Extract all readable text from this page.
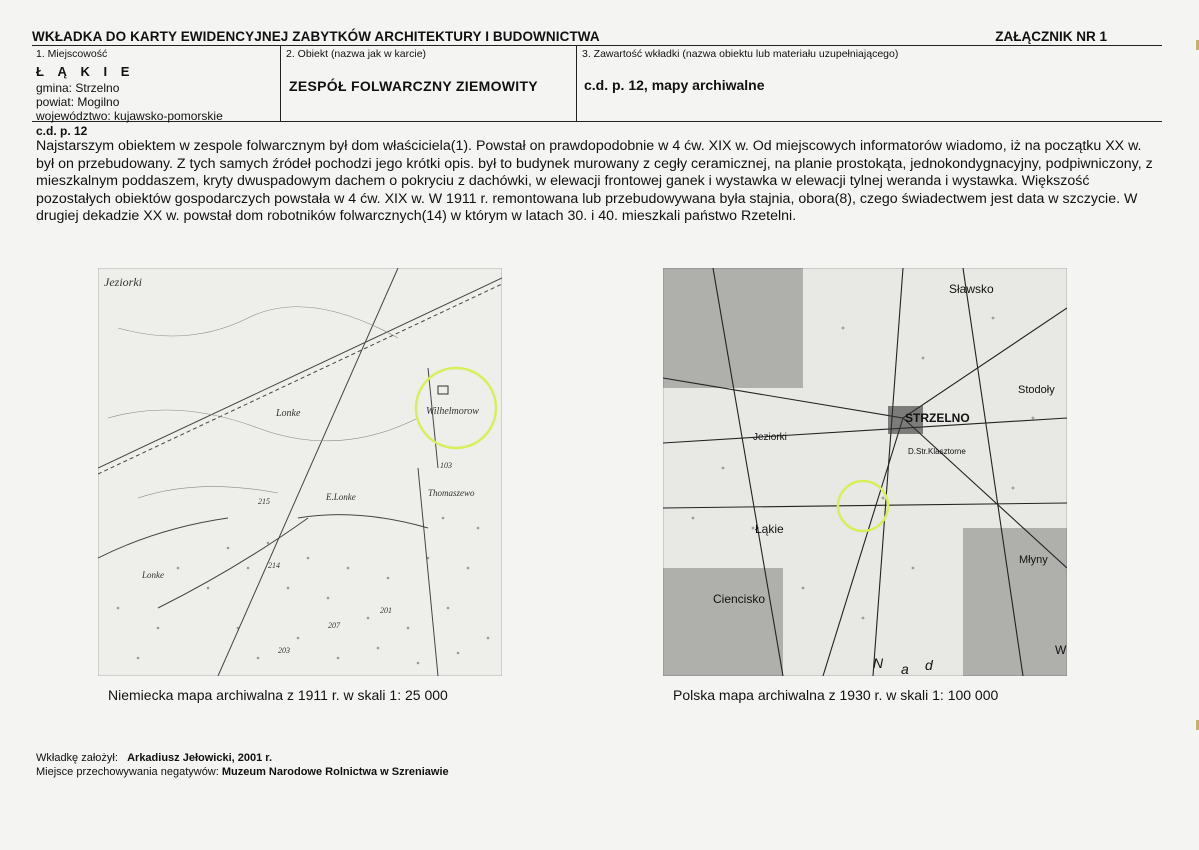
WKŁADKA DO KARTY EWIDENCYJNEJ ZABYTKÓW ARCHITEKTURY I BUDOWNICTWA	ZAŁĄCZNIK NR 1
1. Miejscowość
Ł Ą K I E
gmina: Strzelno
powiat: Mogilno
województwo: kujawsko-pomorskie
2. Obiekt (nazwa jak w karcie)
ZESPÓŁ FOLWARCZNY ZIEMOWITY
3. Zawartość wkładki (nazwa obiektu lub materiału uzupełniającego)
c.d. p. 12, mapy archiwalne
c.d. p. 12
Najstarszym obiektem w zespole folwarcznym był dom właściciela(1). Powstał on prawdopodobnie w 4 ćw. XIX w. Od miejscowych informatorów wiadomo, iż na początku XX w. był on przebudowany. Z tych samych źródeł pochodzi jego krótki opis. był to budynek murowany z cegły ceramicznej, na planie prostokąta, jednokondygnacyjny, podpiwniczony, z mieszkalnym poddaszem, kryty dwuspadowym dachem o pokryciu z dachówki, w elewacji frontowej ganek i wystawka w elewacji tylnej weranda i wystawka. Większość pozostałych obiektów gospodarczych powstała w 4 ćw. XIX w. W 1911 r. remontowana lub przebudowywana była stajnia, obora(8), czego świadectwem jest data w szczycie. W drugiej dekadzie XX w. powstał dom robotników folwarcznych(14) w którym w latach 30. i 40. mieszkali państwo Rzetelni.
Jeziorki
Wilhelmorow
Lonke
E.Lonke	Thomaszewo
Lonke
215
214
207
203
201
103
Niemiecka mapa archiwalna z 1911 r. w skali 1: 25 000
Sławsko
STRZELNO
Stodoły
Jeziorki
D.Str.Klasztorne
Łąkie
Ciencisko
Młyny
W
N a d
Polska mapa archiwalna z 1930 r. w skali 1: 100 000
Wkładkę założył: Arkadiusz Jełowicki, 2001 r.
Miejsce przechowywania negatywów: Muzeum Narodowe Rolnictwa w Szreniawie
